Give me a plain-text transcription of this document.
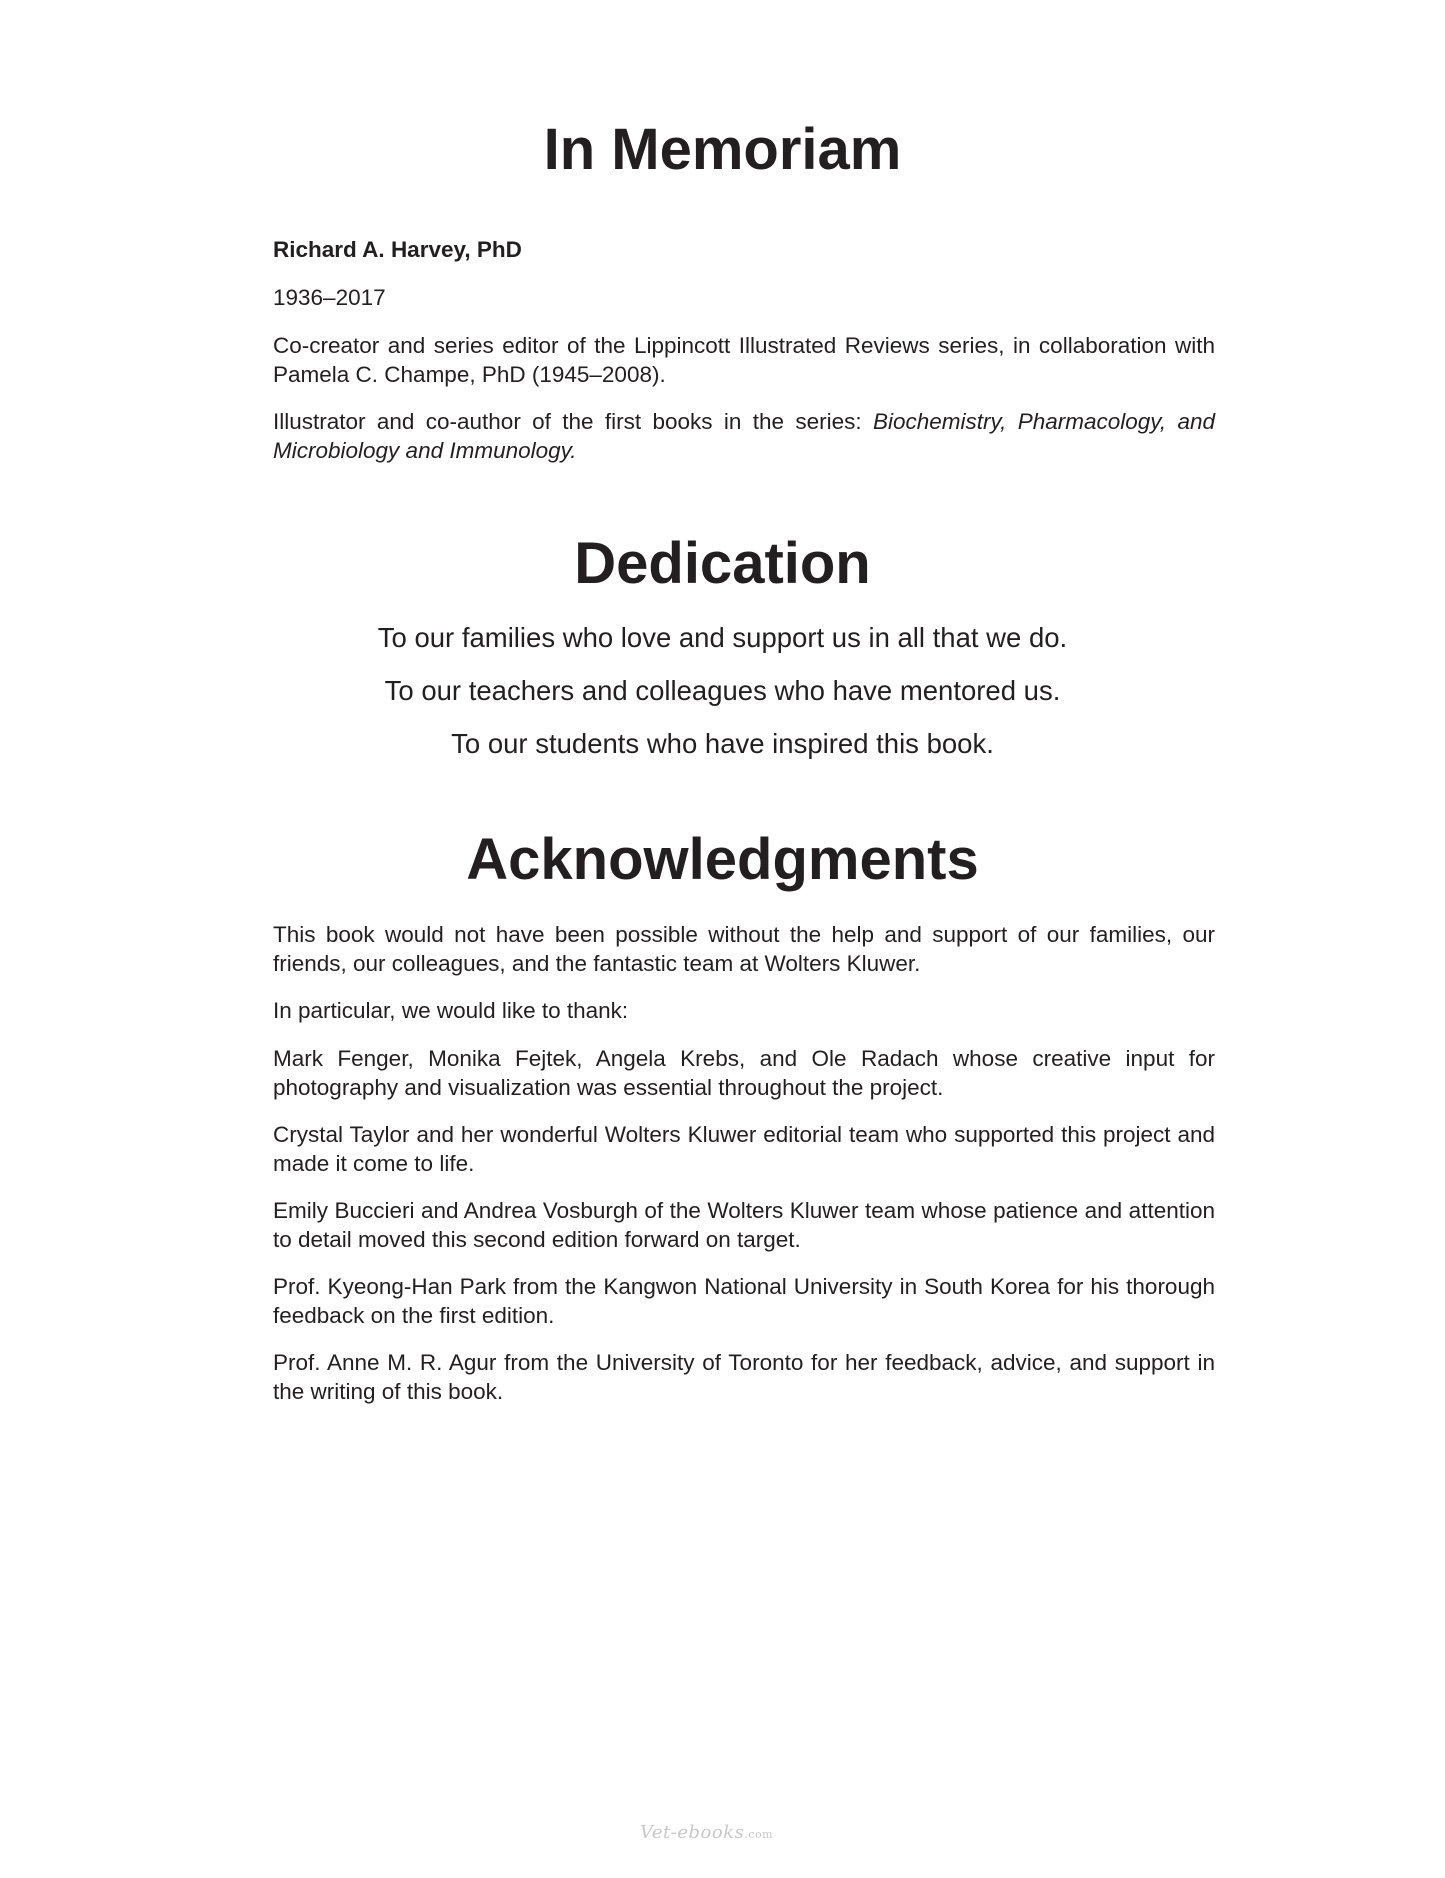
In Memoriam

Richard A. Harvey, PhD

1936–2017

Co-creator and series editor of the Lippincott Illustrated Reviews series, in collaboration with Pamela C. Champe, PhD (1945–2008).

Illustrator and co-author of the first books in the series: Biochemistry, Pharmacology, and Microbiology and Immunology.

Dedication

To our families who love and support us in all that we do.

To our teachers and colleagues who have mentored us.

To our students who have inspired this book.

Acknowledgments

This book would not have been possible without the help and support of our families, our friends, our colleagues, and the fantastic team at Wolters Kluwer.

In particular, we would like to thank:

Mark Fenger, Monika Fejtek, Angela Krebs, and Ole Radach whose creative input for photography and visualization was essential throughout the project.

Crystal Taylor and her wonderful Wolters Kluwer editorial team who supported this project and made it come to life.

Emily Buccieri and Andrea Vosburgh of the Wolters Kluwer team whose patience and attention to detail moved this second edition forward on target.

Prof. Kyeong-Han Park from the Kangwon National University in South Korea for his thorough feedback on the first edition.

Prof. Anne M. R. Agur from the University of Toronto for her feedback, advice, and support in the writing of this book.

Vet-ebooks.com
